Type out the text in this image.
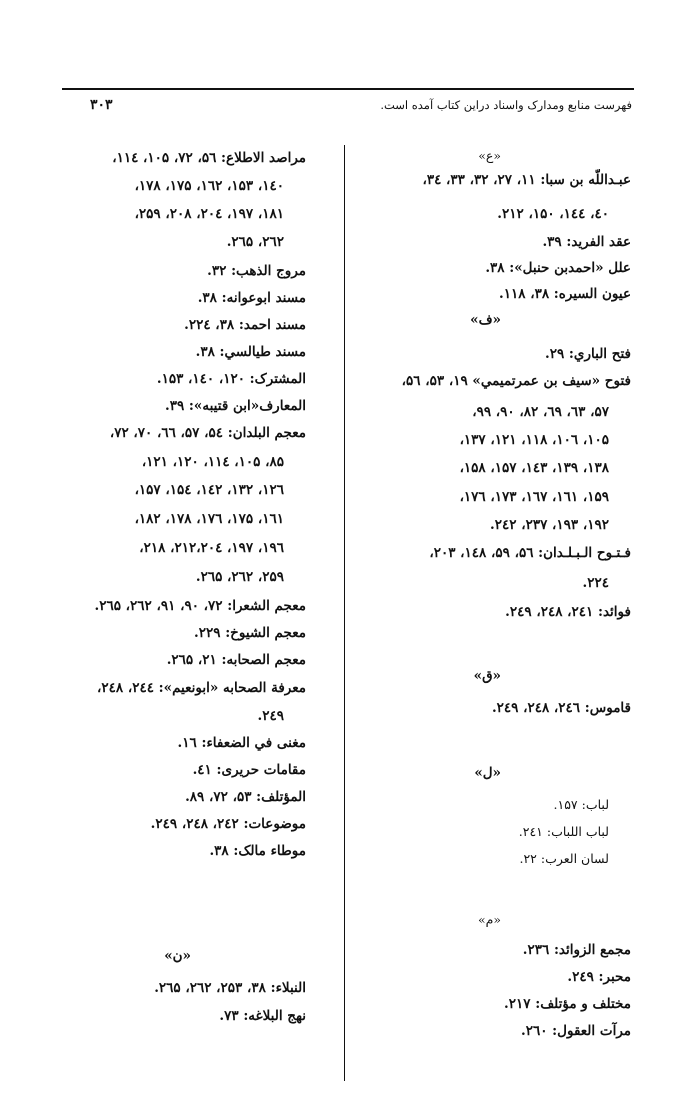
۳۰۳	فهرست منابع ومدارک واسناد دراین کتاب آمده است.
«ع»
عبـداللّه بن سبا: ۱۱، ۲۷، ۳۲، ۳۳، ۳٤،
٤۰، ۱٤٤، ۱۵۰، ۲۱۲.
عقد الفريد: ۳۹.
علل «احمدبن حنبل»: ۳۸.
عيون السيره: ۳۸، ۱۱۸.
«ف»
فتح الباري: ۲۹.
فتوح «سيف بن عمرتميمي» ۱۹، ۵۳، ۵٦،
۵۷، ٦۳، ٦۹، ۸۲، ۹۰، ۹۹،
۱۰۵، ۱۰٦، ۱۱۸، ۱۲۱، ۱۳۷،
۱۳۸، ۱۳۹، ۱٤۳، ۱۵۷، ۱۵۸،
۱۵۹، ۱٦۱، ۱٦۷، ۱۷۳، ۱۷٦،
۱۹۲، ۱۹۳، ۲۳۷، ۲٤۲.
فـتـوح الـبـلـدان: ۵٦، ۵۹، ۱٤۸، ۲۰۳،
۲۲٤.
فوائد: ۲٤۱، ۲٤۸، ۲٤۹.
«ق»
قاموس: ۲٤٦، ۲٤۸، ۲٤۹.
«ل»
لباب: ۱۵۷.
لباب اللباب: ۲٤۱.
لسان العرب: ۲۲.
«م»
مجمع الزوائد: ۲۳٦.
محبر: ۲٤۹.
مختلف و مؤتلف: ۲۱۷.
مرآت العقول: ۲٦۰.
مراصد الاطلاع: ۵٦، ۷۲، ۱۰۵، ۱۱٤،
۱٤۰، ۱۵۳، ۱٦۲، ۱۷۵، ۱۷۸،
۱۸۱، ۱۹۷، ۲۰٤، ۲۰۸، ۲۵۹،
۲٦۲، ۲٦۵.
مروج الذهب: ۳۲.
مسند ابوعوانه: ۳۸.
مسند احمد: ۳۸، ۲۲٤.
مسند طيالسي: ۳۸.
المشترک: ۱۲۰، ۱٤۰، ۱۵۳.
المعارف«ابن قتيبه»: ۳۹.
معجم البلدان: ۵٤، ۵۷، ٦٦، ۷۰، ۷۲،
۸۵، ۱۰۵، ۱۱٤، ۱۲۰، ۱۲۱،
۱۲٦، ۱۳۲، ۱٤۲، ۱۵٤، ۱۵۷،
۱٦۱، ۱۷۵، ۱۷٦، ۱۷۸، ۱۸۲،
۱۹٦، ۱۹۷، ۲۰٤،۲۱۲، ۲۱۸،
۲۵۹، ۲٦۲، ۲٦۵.
معجم الشعرا: ۷۲، ۹۰، ۹۱، ۲٦۲، ۲٦۵.
معجم الشيوخ: ۲۲۹.
معجم الصحابه: ۲۱، ۲٦۵.
معرفة الصحابه «ابونعيم»: ۲٤٤، ۲٤۸،
۲٤۹.
مغنى في الضعفاء: ۱٦.
مقامات حريری: ٤۱.
المؤتلف: ۵۳، ۷۲، ۸۹.
موضوعات: ۲٤۲، ۲٤۸، ۲٤۹.
موطاء مالک: ۳۸.
«ن»
النبلاء: ۳۸، ۲۵۳، ۲٦۲، ۲٦۵.
نهج البلاغه: ۷۳.
